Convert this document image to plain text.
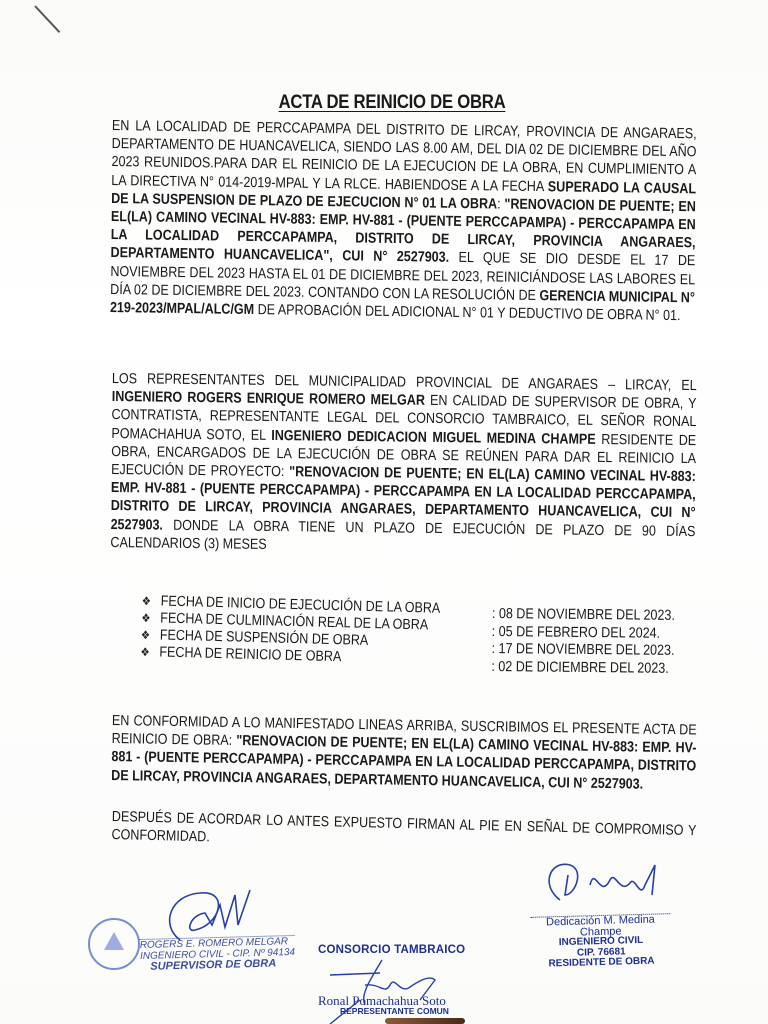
ACTA DE REINICIO DE OBRA
EN LA LOCALIDAD DE PERCCAPAMPA DEL DISTRITO DE LIRCAY, PROVINCIA DE ANGARAES, DEPARTAMENTO DE HUANCAVELICA, SIENDO LAS 8.00 AM, DEL DIA 02 DE DICIEMBRE DEL AÑO 2023 REUNIDOS.PARA DAR EL REINICIO DE LA EJECUCION DE LA OBRA, EN CUMPLIMIENTO A LA DIRECTIVA N° 014-2019-MPAL Y LA RLCE. HABIENDOSE A LA FECHA SUPERADO LA CAUSAL DE LA SUSPENSION DE PLAZO DE EJECUCION N° 01 LA OBRA: "RENOVACION DE PUENTE; EN EL(LA) CAMINO VECINAL HV-883: EMP. HV-881 - (PUENTE PERCCAPAMPA) - PERCCAPAMPA EN LA LOCALIDAD PERCCAPAMPA, DISTRITO DE LIRCAY, PROVINCIA ANGARAES, DEPARTAMENTO HUANCAVELICA", CUI N° 2527903. EL QUE SE DIO DESDE EL 17 DE NOVIEMBRE DEL 2023 HASTA EL 01 DE DICIEMBRE DEL 2023, REINICIÁNDOSE LAS LABORES EL DÍA 02 DE DICIEMBRE DEL 2023. CONTANDO CON LA RESOLUCIÓN DE GERENCIA MUNICIPAL N° 219-2023/MPAL/ALC/GM DE APROBACIÓN DEL ADICIONAL N° 01 Y DEDUCTIVO DE OBRA N° 01.
LOS REPRESENTANTES DEL MUNICIPALIDAD PROVINCIAL DE ANGARAES – LIRCAY, EL INGENIERO ROGERS ENRIQUE ROMERO MELGAR EN CALIDAD DE SUPERVISOR DE OBRA, Y CONTRATISTA, REPRESENTANTE LEGAL DEL CONSORCIO TAMBRAICO, EL SEÑOR RONAL POMACHAHUA SOTO, EL INGENIERO DEDICACION MIGUEL MEDINA CHAMPE RESIDENTE DE OBRA, ENCARGADOS DE LA EJECUCIÓN DE OBRA SE REÚNEN PARA DAR EL REINICIO LA EJECUCIÓN DE PROYECTO: "RENOVACION DE PUENTE; EN EL(LA) CAMINO VECINAL HV-883: EMP. HV-881 - (PUENTE PERCCAPAMPA) - PERCCAPAMPA EN LA LOCALIDAD PERCCAPAMPA, DISTRITO DE LIRCAY, PROVINCIA ANGARAES, DEPARTAMENTO HUANCAVELICA, CUI N° 2527903. DONDE LA OBRA TIENE UN PLAZO DE EJECUCIÓN DE PLAZO DE 90 DÍAS CALENDARIOS (3) MESES
❖ FECHA DE INICIO DE EJECUCIÓN DE LA OBRA
❖ FECHA DE CULMINACIÓN REAL DE LA OBRA
❖ FECHA DE SUSPENSIÓN DE OBRA
❖ FECHA DE REINICIO DE OBRA
: 08 DE NOVIEMBRE DEL 2023.
: 05 DE FEBRERO DEL 2024.
: 17 DE NOVIEMBRE DEL 2023.
: 02 DE DICIEMBRE DEL 2023.
EN CONFORMIDAD A LO MANIFESTADO LINEAS ARRIBA, SUSCRIBIMOS EL PRESENTE ACTA DE REINICIO DE OBRA: "RENOVACION DE PUENTE; EN EL(LA) CAMINO VECINAL HV-883: EMP. HV-881 - (PUENTE PERCCAPAMPA) - PERCCAPAMPA EN LA LOCALIDAD PERCCAPAMPA, DISTRITO DE LIRCAY, PROVINCIA ANGARAES, DEPARTAMENTO HUANCAVELICA, CUI N° 2527903.
DESPUÉS DE ACORDAR LO ANTES EXPUESTO FIRMAN AL PIE EN SEÑAL DE COMPROMISO Y CONFORMIDAD.
ROGERS E. ROMERO MELGAR
INGENIERO CIVIL - CIP. Nº 94134
SUPERVISOR DE OBRA
CONSORCIO TAMBRAICO
Ronal Pomachahua Soto
REPRESENTANTE COMUN
Dedicación M. Medina Champe
INGENIERO CIVIL
CIP. 76681
RESIDENTE DE OBRA
